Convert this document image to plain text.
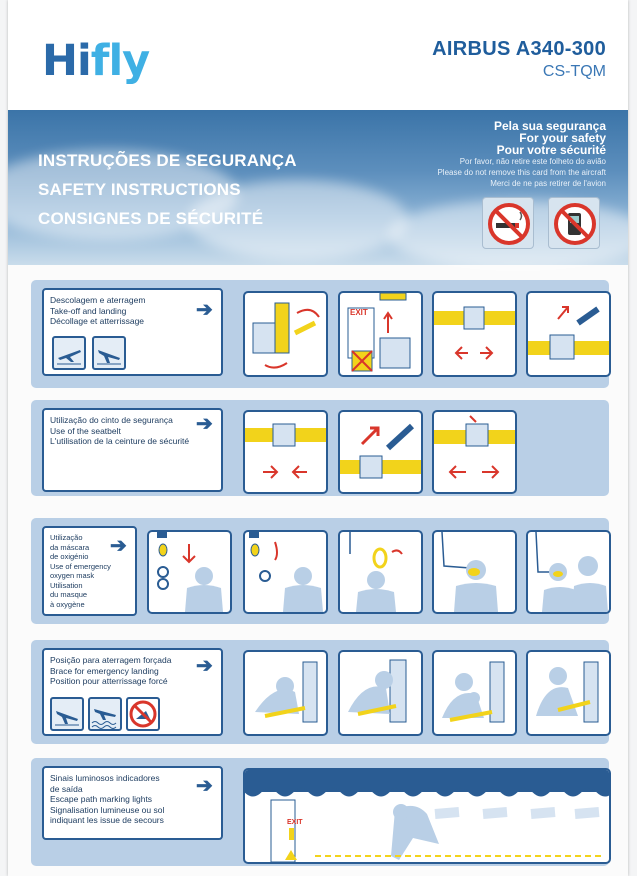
Hifly	AIRBUS A340-300
CS-TQM
INSTRUÇÕES DE SEGURANÇA
SAFETY INSTRUCTIONS
CONSIGNES DE SÉCURITÉ
Pela sua segurança
For your safety
Pour votre sécurité
Por favor, não retire este folheto do avião
Please do not remove this card from the aircraft
Merci de ne pas retirer de l'avion
Descolagem e aterragem
Take-off and landing
Décollage et atterrissage	➔	EXIT
Utilização do cinto de segurança
Use of the seatbelt
L'utilisation de la ceinture de sécurité
➔
Utilização
da máscara
de oxigénio
Use of emergency
oxygen mask
Utilisation
du masque
à oxygène
➔
Posição para aterragem forçada
Brace for emergency landing
Position pour atterrissage forcé
➔
Sinais luminosos indicadores
de saída
Escape path marking lights
Signalisation lumineuse ou sol
indiquant les issue de secours
➔
EXIT
